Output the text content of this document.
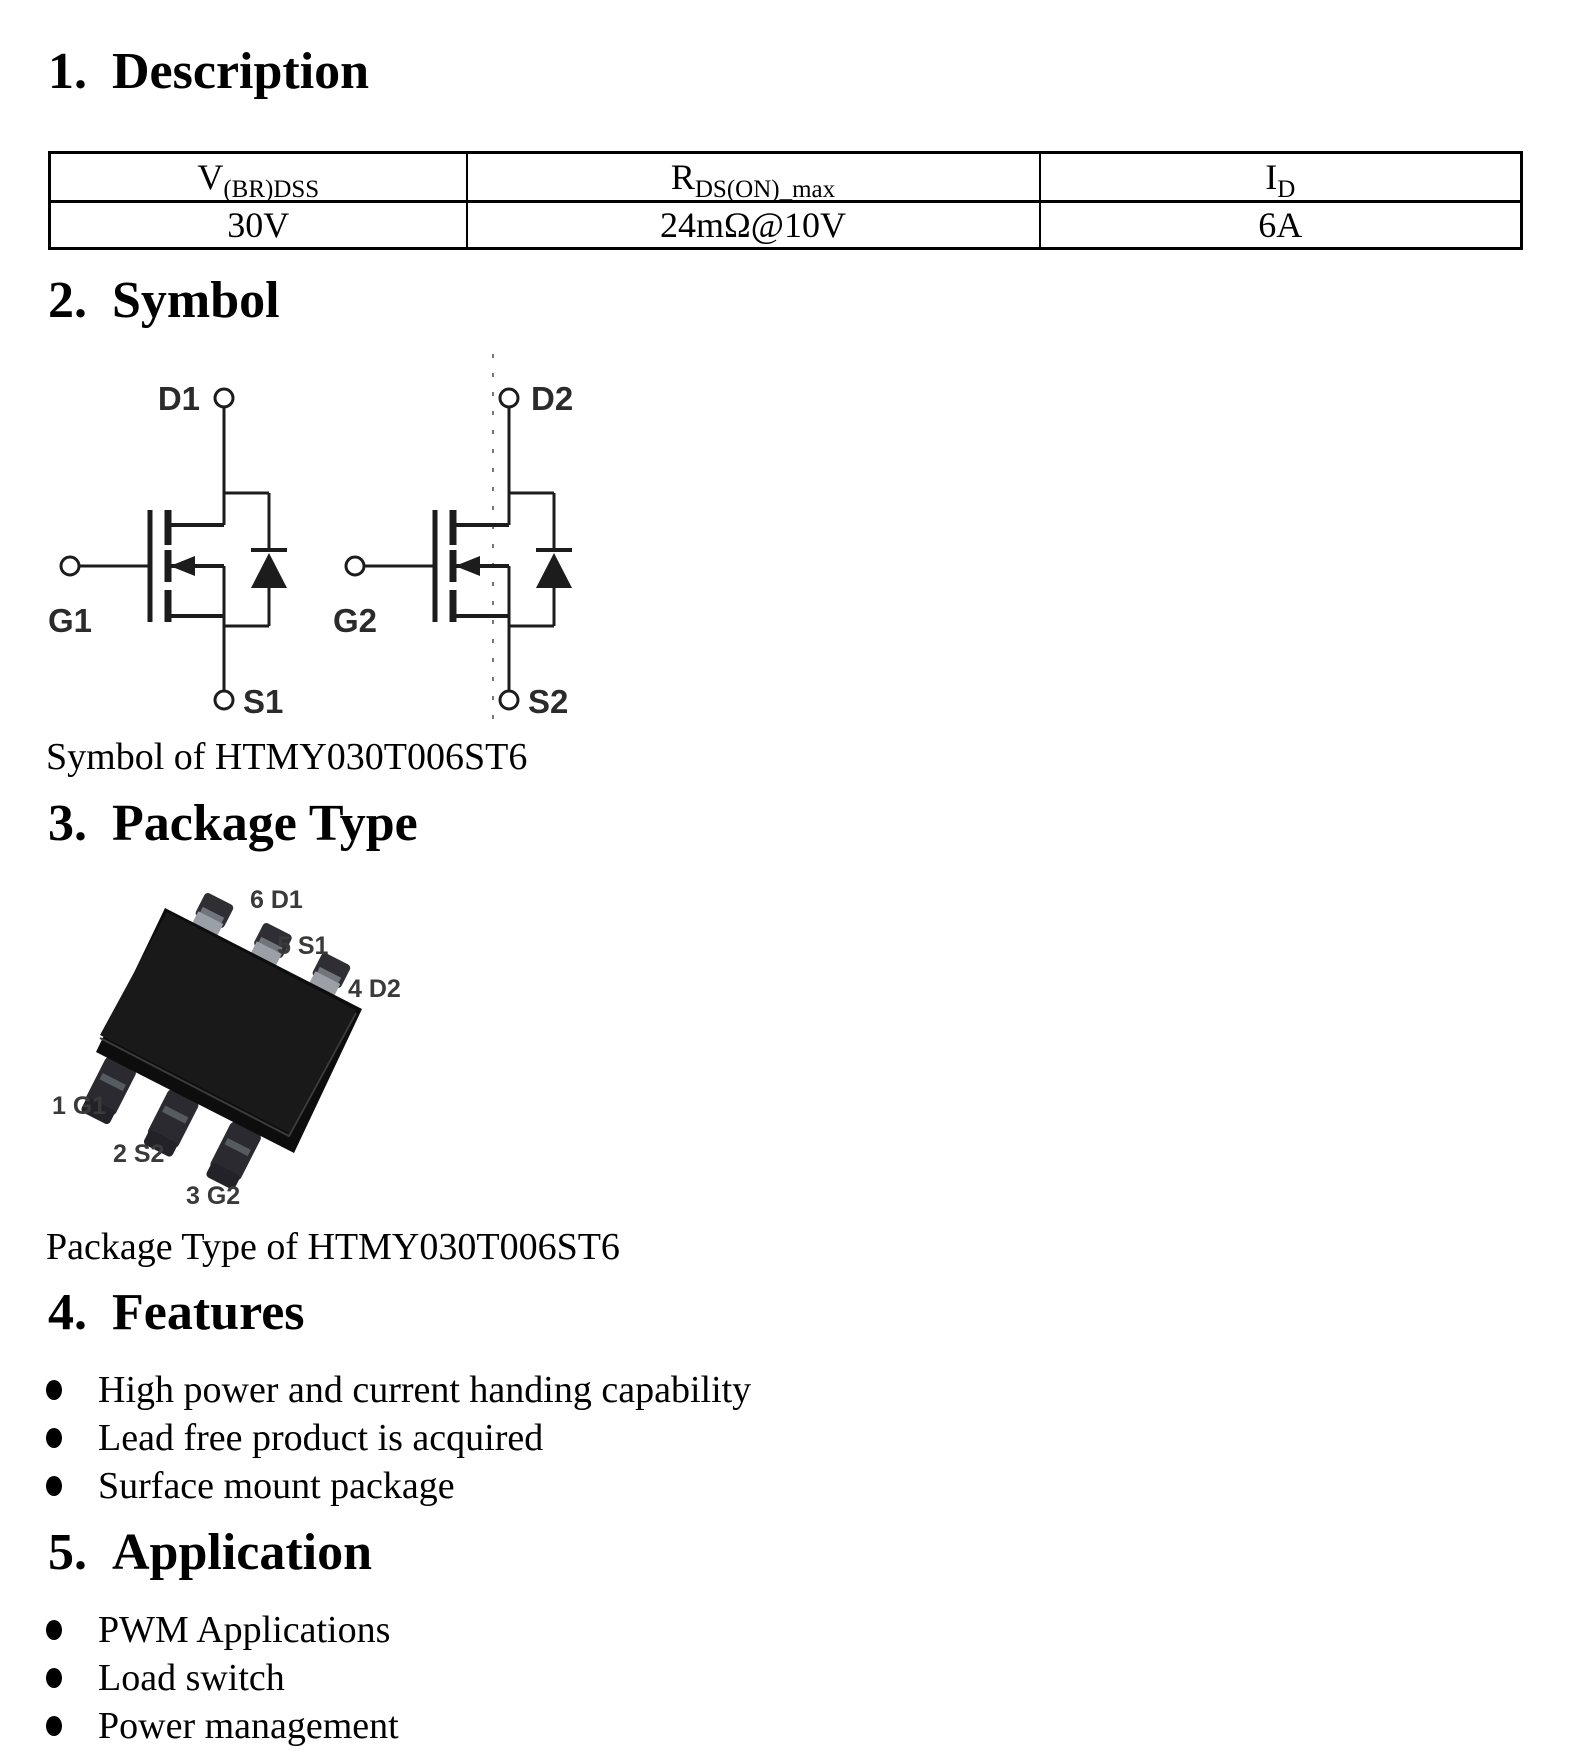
1. Description
$V_{(BR)DSS}$	$R_{DS(ON)\_max}$	$I_D$
30V	24mΩ@10V	6A
2. Symbol
D1
G1
S1
D2
G2
S2
Symbol of HTMY030T006ST6
3. Package Type
6 D1
5 S1
4 D2
1 G1
2 S2
3 G2
Package Type of HTMY030T006ST6
4. Features
High power and current handing capability
Lead free product is acquired
Surface mount package
5. Application
PWM Applications
Load switch
Power management
